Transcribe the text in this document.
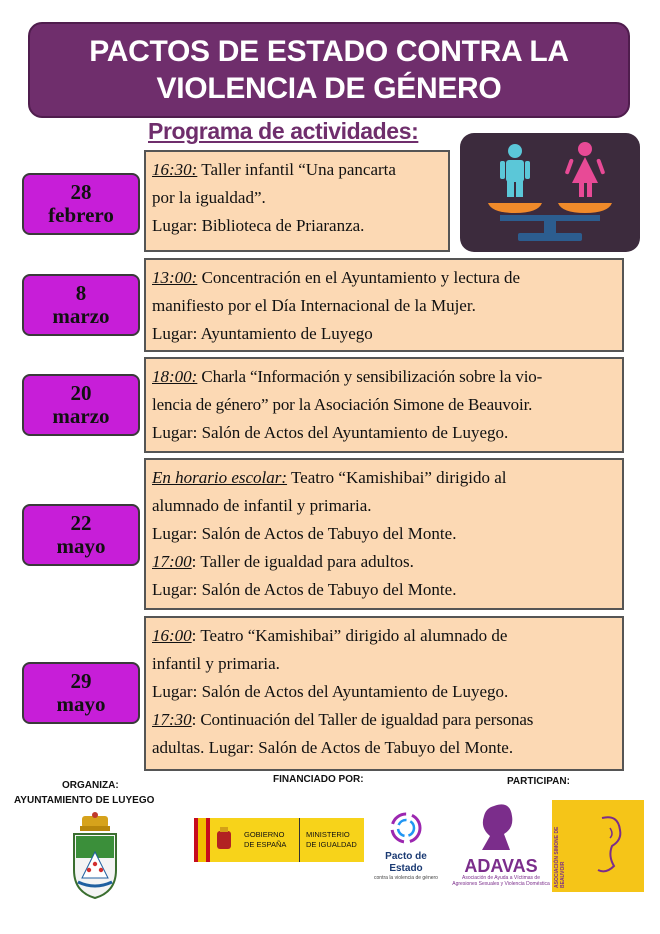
PACTOS DE ESTADO CONTRA LA
VIOLENCIA DE GÉNERO
Programa de actividades:
28
febrero

16:30: Taller infantil “Una pancarta

por la igualdad”.

Lugar: Biblioteca de Priaranza.

8
marzo

13:00: Concentración en el Ayuntamiento y lectura de

manifiesto por el Día Internacional de la Mujer.

Lugar: Ayuntamiento de Luyego

20
marzo

18:00: Charla “Información y sensibilización sobre la vio-

lencia de género” por la Asociación Simone de Beauvoir.

Lugar: Salón de Actos del Ayuntamiento de Luyego.

22
mayo

En horario escolar: Teatro “Kamishibai” dirigido al

alumnado de infantil y primaria.

Lugar: Salón de Actos de Tabuyo del Monte.

17:00: Taller de igualdad para adultos.

Lugar: Salón de Actos de Tabuyo del Monte.

29
mayo

16:00: Teatro “Kamishibai” dirigido al alumnado de

infantil y primaria.

Lugar: Salón de Actos del Ayuntamiento de Luyego.

17:30: Continuación del Taller de igualdad para personas

adultas. Lugar: Salón de Actos de Tabuyo del Monte.

ORGANIZA:
AYUNTAMIENTO DE LUYEGO
FINANCIADO POR:	PARTICIPAN:
GOBIERNO
DE ESPAÑA
MINISTERIO
DE IGUALDAD
Pacto de Estado
contra la violencia de género
ADAVAS
Asociación de Ayuda a Víctimas de
Agresiones Sexuales y Violencia Doméstica ASOCIACIÓN SIMONE DE BEAUVOIR
